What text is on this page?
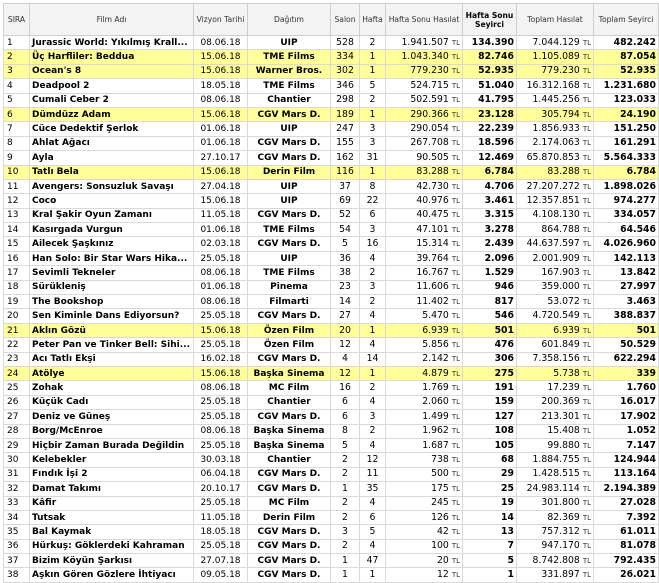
SIRA	Film Adı	Vizyon Tarihi	Dağıtım	Salon	Hafta	Hafta Sonu Hasılat	Hafta Sonu Seyirci	Toplam Hasılat	Toplam Seyirci
1	Jurassic World: Yıkılmış Krall...	08.06.18	UIP	528	2	1.941.507 TL	134.390	7.044.129 TL	482.242
2	Üç Harfliler: Beddua	15.06.18	TME Films	334	1	1.043.340 TL	82.746	1.105.089 TL	87.054
3	Ocean's 8	15.06.18	Warner Bros.	302	1	779.230 TL	52.935	779.230 TL	52.935
4	Deadpool 2	18.05.18	TME Films	346	5	524.715 TL	51.040	16.312.168 TL	1.231.680
5	Cumali Ceber 2	08.06.18	Chantier	298	2	502.591 TL	41.795	1.445.256 TL	123.033
6	Dümdüzz Adam	15.06.18	CGV Mars D.	189	1	290.366 TL	23.128	305.794 TL	24.190
7	Cüce Dedektif Şerlok	01.06.18	UIP	247	3	290.054 TL	22.239	1.856.933 TL	151.250
8	Ahlat Ağacı	01.06.18	CGV Mars D.	155	3	267.708 TL	18.596	2.174.063 TL	161.291
9	Ayla	27.10.17	CGV Mars D.	162	31	90.505 TL	12.469	65.870.853 TL	5.564.333
10	Tatlı Bela	15.06.18	Derin Film	116	1	83.288 TL	6.784	83.288 TL	6.784
11	Avengers: Sonsuzluk Savaşı	27.04.18	UIP	37	8	42.730 TL	4.706	27.207.272 TL	1.898.026
12	Coco	15.06.18	UIP	69	22	40.976 TL	3.461	12.357.851 TL	974.277
13	Kral Şakir Oyun Zamanı	11.05.18	CGV Mars D.	52	6	40.475 TL	3.315	4.108.130 TL	334.057
14	Kasırgada Vurgun	01.06.18	TME Films	54	3	47.101 TL	3.278	864.788 TL	64.546
15	Ailecek Şaşkınız	02.03.18	CGV Mars D.	5	16	15.314 TL	2.439	44.637.597 TL	4.026.960
16	Han Solo: Bir Star Wars Hika...	25.05.18	UIP	36	4	39.764 TL	2.096	2.001.909 TL	142.113
17	Sevimli Tekneler	08.06.18	TME Films	38	2	16.767 TL	1.529	167.903 TL	13.842
18	Sürükleniş	01.06.18	Pinema	23	3	11.606 TL	946	359.000 TL	27.997
19	The Bookshop	08.06.18	Filmarti	14	2	11.402 TL	817	53.072 TL	3.463
20	Sen Kiminle Dans Ediyorsun?	25.05.18	CGV Mars D.	27	4	5.470 TL	546	4.720.549 TL	388.837
21	Aklın Gözü	15.06.18	Özen Film	20	1	6.939 TL	501	6.939 TL	501
22	Peter Pan ve Tinker Bell: Sihi...	25.05.18	Özen Film	12	4	5.856 TL	476	601.849 TL	50.529
23	Acı Tatlı Ekşi	16.02.18	CGV Mars D.	4	14	2.142 TL	306	7.358.156 TL	622.294
24	Atölye	15.06.18	Başka Sinema	12	1	4.879 TL	275	5.738 TL	339
25	Zohak	08.06.18	MC Film	16	2	1.769 TL	191	17.239 TL	1.760
26	Küçük Cadı	25.05.18	Chantier	6	4	2.060 TL	159	200.369 TL	16.017
27	Deniz ve Güneş	25.05.18	CGV Mars D.	6	3	1.499 TL	127	213.301 TL	17.902
28	Borg/McEnroe	08.06.18	Başka Sinema	8	2	1.962 TL	108	15.408 TL	1.052
29	Hiçbir Zaman Burada Değildin	25.05.18	Başka Sinema	5	4	1.687 TL	105	99.880 TL	7.147
30	Kelebekler	30.03.18	Chantier	2	12	738 TL	68	1.884.755 TL	124.944
31	Fındık İşi 2	06.04.18	CGV Mars D.	2	11	500 TL	29	1.428.515 TL	113.164
32	Damat Takımı	20.10.17	CGV Mars D.	1	35	175 TL	25	24.983.114 TL	2.194.389
33	Kâfir	25.05.18	MC Film	2	4	245 TL	19	301.800 TL	27.028
34	Tutsak	11.05.18	Derin Film	2	6	126 TL	14	82.369 TL	7.392
35	Bal Kaymak	18.05.18	CGV Mars D.	3	5	42 TL	13	757.312 TL	61.011
36	Hürkuş: Göklerdeki Kahraman	25.05.18	CGV Mars D.	2	4	100 TL	7	947.170 TL	81.078
37	Bizim Köyün Şarkısı	27.07.18	CGV Mars D.	1	47	20 TL	5	8.742.808 TL	792.435
38	Aşkın Gören Gözlere İhtiyacı	09.05.18	CGV Mars D.	1	1	12 TL	1	331.897 TL	26.021
